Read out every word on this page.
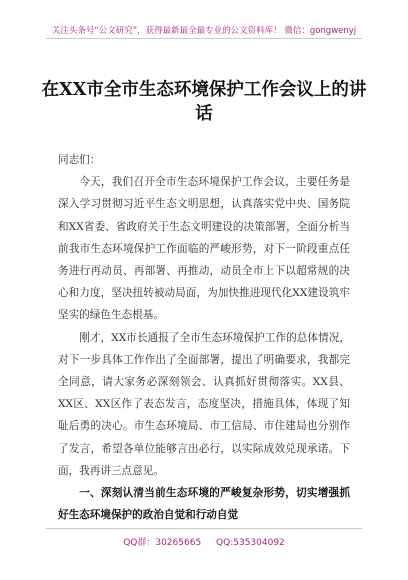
关注头条号“公文研究”，获得最新最全最专业的公文资料库！ 微信：gongwenyj
在XX市全市生态环境保护工作会议上的讲话

同志们：

今天，我们召开全市生态环境保护工作会议，主要任务是深入学习贯彻习近平生态文明思想，认真落实党中央、国务院和XX省委、省政府关于生态文明建设的决策部署，全面分析当前我市生态环境保护工作面临的严峻形势，对下一阶段重点任务进行再动员、再部署、再推动，动员全市上下以超常规的决心和力度，坚决扭转被动局面，为加快推进现代化XX建设筑牢坚实的绿色生态根基。

刚才，XX市长通报了全市生态环境保护工作的总体情况，对下一步具体工作作出了全面部署，提出了明确要求，我都完全同意，请大家务必深刻领会、认真抓好贯彻落实。XX县、XX区、XX区作了表态发言，态度坚决，措施具体，体现了知耻后勇的决心。市生态环境局、市工信局、市住建局也分别作了发言，希望各单位能够言出必行，以实际成效兑现承诺。下面，我再讲三点意见。

一、深刻认清当前生态环境的严峻复杂形势，切实增强抓好生态环境保护的政治自觉和行动自觉

QQ群：30265665 QQ:535304092
